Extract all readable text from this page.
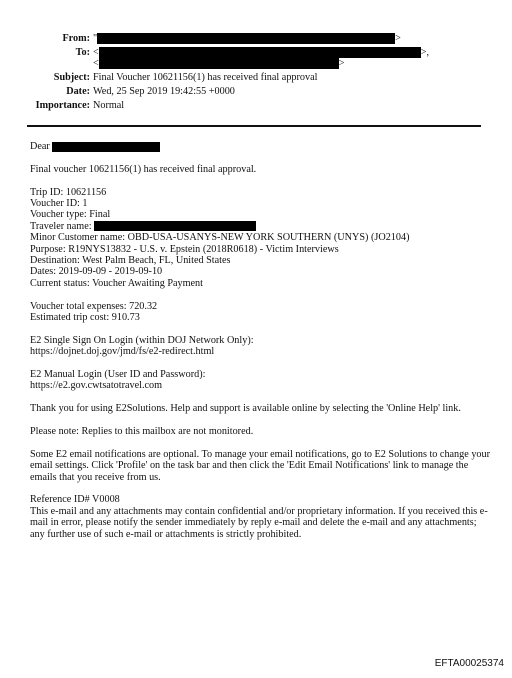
From: "	>
To: <	>,
<	>
Subject: Final Voucher 10621156(1) has received final approval
Date: Wed, 25 Sep 2019 19:42:55 +0000
Importance: Normal
Dear
Final voucher 10621156(1) has received final approval.
Trip ID: 10621156
Voucher ID: 1
Voucher type: Final
Traveler name:
Minor Customer name: OBD-USA-USANYS-NEW YORK SOUTHERN (UNYS) (JO2104)
Purpose: R19NYS13832 - U.S. v. Epstein (2018R0618) - Victim Interviews
Destination: West Palm Beach, FL, United States
Dates: 2019-09-09 - 2019-09-10
Current status: Voucher Awaiting Payment
Voucher total expenses: 720.32
Estimated trip cost: 910.73
E2 Single Sign On Login (within DOJ Network Only):
https://dojnet.doj.gov/jmd/fs/e2-redirect.html
E2 Manual Login (User ID and Password):
https://e2.gov.cwtsatotravel.com
Thank you for using E2Solutions. Help and support is available online by selecting the 'Online Help' link.
Please note: Replies to this mailbox are not monitored.
Some E2 email notifications are optional. To manage your email notifications, go to E2 Solutions to change your
email settings. Click 'Profile' on the task bar and then click the 'Edit Email Notifications' link to manage the
emails that you receive from us.
Reference ID# V0008
This e-mail and any attachments may contain confidential and/or proprietary information. If you received this e-
mail in error, please notify the sender immediately by reply e-mail and delete the e-mail and any attachments;
any further use of such e-mail or attachments is strictly prohibited.
EFTA00025374
